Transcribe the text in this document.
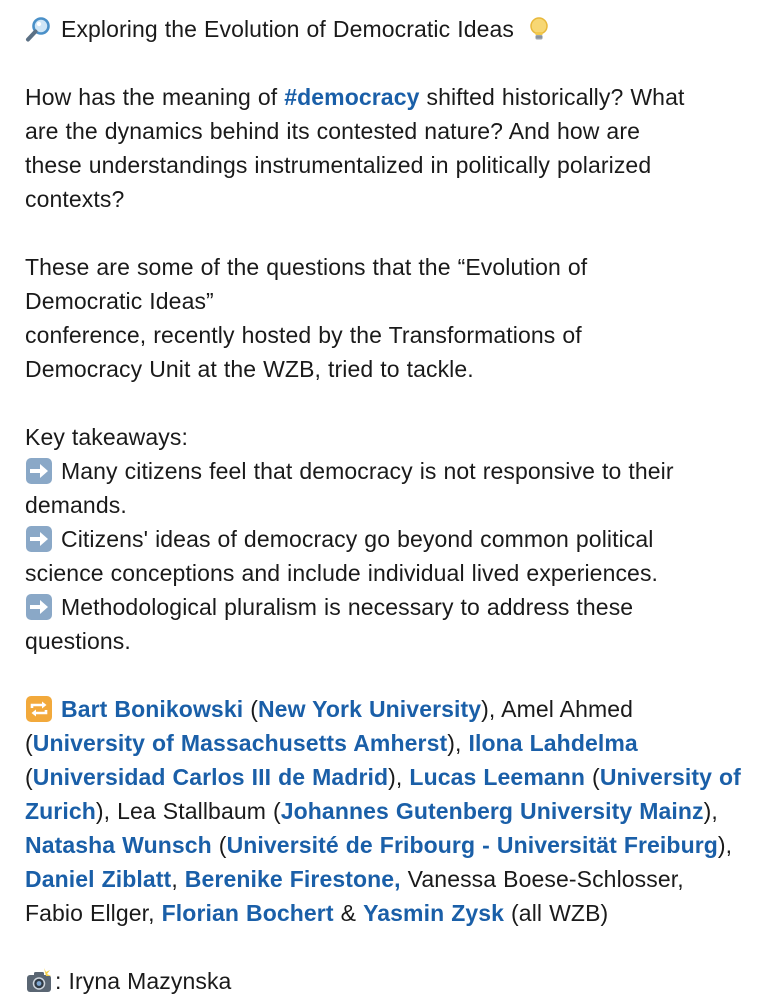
Exploring the Evolution of Democratic Ideas
How has the meaning of #democracy shifted historically? What
are the dynamics behind its contested nature? And how are
these understandings instrumentalized in politically polarized
contexts?
These are some of the questions that the “Evolution of
Democratic Ideas”
conference, recently hosted by the Transformations of
Democracy Unit at the WZB, tried to tackle.
Key takeaways:
Many citizens feel that democracy is not responsive to their
demands.
Citizens' ideas of democracy go beyond common political
science conceptions and include individual lived experiences.
Methodological pluralism is necessary to address these
questions.
Bart Bonikowski (New York University), Amel Ahmed
(University of Massachusetts Amherst), Ilona Lahdelma
(Universidad Carlos III de Madrid), Lucas Leemann (University of
Zurich), Lea Stallbaum (Johannes Gutenberg University Mainz),
Natasha Wunsch (Université de Fribourg - Universität Freiburg),
Daniel Ziblatt, Berenike Firestone, Vanessa Boese-Schlosser,
Fabio Ellger, Florian Bochert & Yasmin Zysk (all WZB)
: Iryna Mazynska
